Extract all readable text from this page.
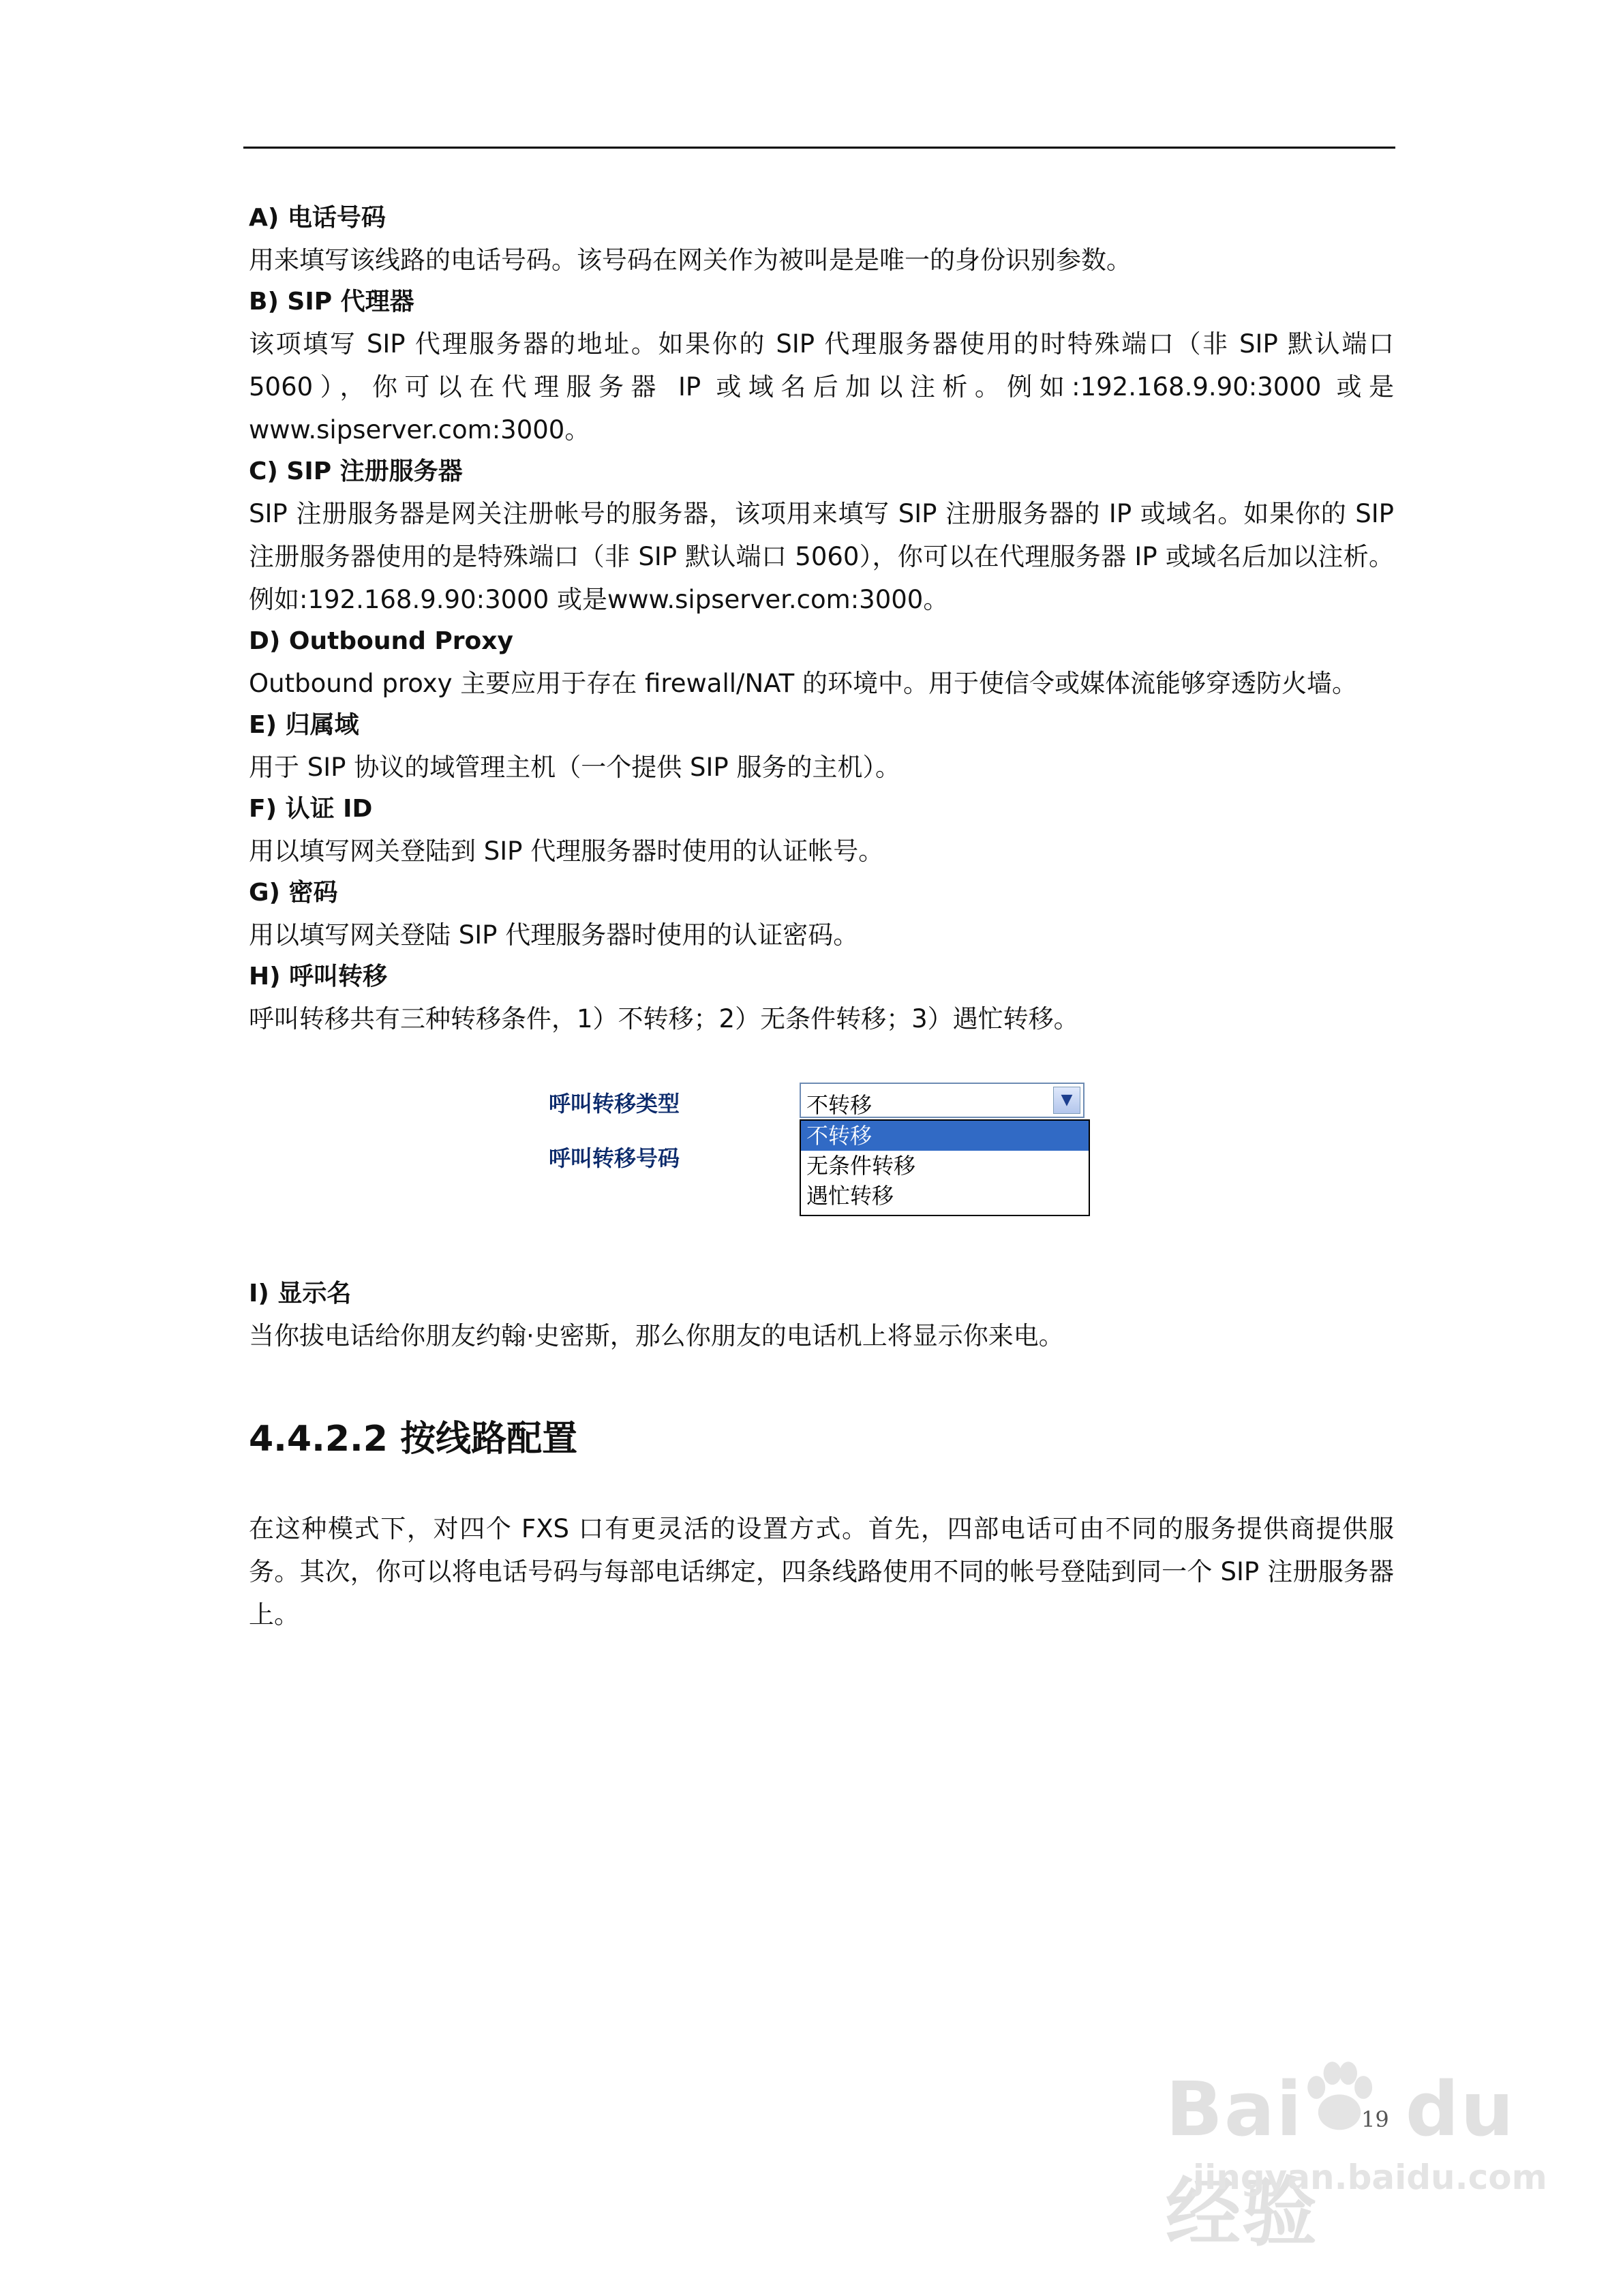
A) 电话号码

用来填写该线路的电话号码。该号码在网关作为被叫是是唯一的身份识别参数。

B) SIP 代理器

该项填写 SIP 代理服务器的地址。如果你的 SIP 代理服务器使用的时特殊端口（非 SIP 默认端口 5060），你可以在代理服务器 IP 或域名后加以注析。例如:192.168.9.90:3000 或是www.sipserver.com:3000。

C) SIP 注册服务器

SIP 注册服务器是网关注册帐号的服务器，该项用来填写 SIP 注册服务器的 IP 或域名。如果你的 SIP 注册服务器使用的是特殊端口（非 SIP 默认端口 5060），你可以在代理服务器 IP 或域名后加以注析。例如:192.168.9.90:3000 或是www.sipserver.com:3000。

D) Outbound Proxy

Outbound proxy 主要应用于存在 firewall/NAT 的环境中。用于使信令或媒体流能够穿透防火墙。

E) 归属域

用于 SIP 协议的域管理主机（一个提供 SIP 服务的主机）。

F) 认证 ID

用以填写网关登陆到 SIP 代理服务器时使用的认证帐号。

G) 密码

用以填写网关登陆 SIP 代理服务器时使用的认证密码。

H) 呼叫转移

呼叫转移共有三种转移条件，1）不转移；2）无条件转移；3）遇忙转移。

呼叫转移类型
呼叫转移号码
不转移	▼
不转移
无条件转移
遇忙转移

I) 显示名

当你拔电话给你朋友约翰·史密斯，那么你朋友的电话机上将显示你来电。

4.4.2.2 按线路配置

在这种模式下，对四个 FXS 口有更灵活的设置方式。首先，四部电话可由不同的服务提供商提供服务。其次，你可以将电话号码与每部电话绑定，四条线路使用不同的帐号登陆到同一个 SIP 注册服务器上。

19
Bai du经验
jingyan.baidu.com
